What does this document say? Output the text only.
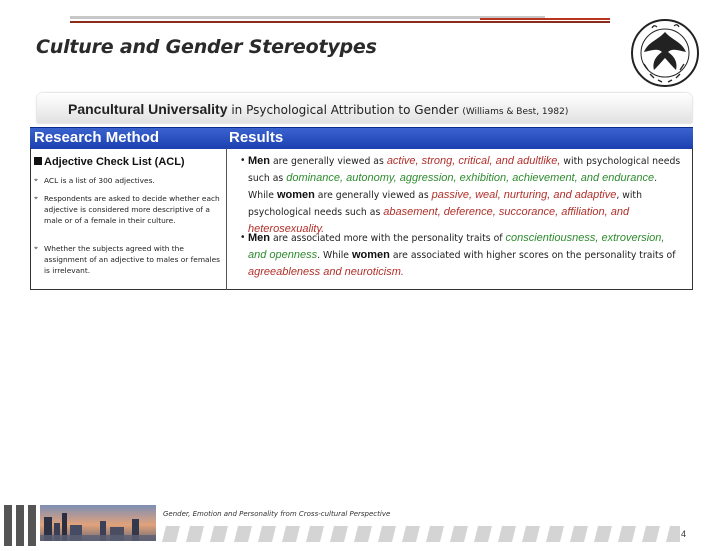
Culture and Gender Stereotypes
Pancultural Universality in Psychological Attribution to Gender (Williams & Best, 1982)
Research Method	Results
Adjective Check List (ACL)
⌖ ACL is a list of 300 adjectives.
⌖ Respondents are asked to decide whether each adjective is considered more descriptive of a male or of a female in their culture.
⌖ Whether the subjects agreed with the assignment of an adjective to males or females is irrelevant.
• Men are generally viewed as active, strong, critical, and adultlike, with psychological needs such as dominance, autonomy, aggression, exhibition, achievement, and endurance.
While women are generally viewed as passive, weal, nurturing, and adaptive, with psychological needs such as abasement, deference, succorance, affiliation, and heterosexuality.
• Men are associated more with the personality traits of conscientiousness, extroversion, and openness. While women are associated with higher scores on the personality traits of agreeableness and neuroticism.
Gender, Emotion and Personality from Cross-cultural Perspective
4
